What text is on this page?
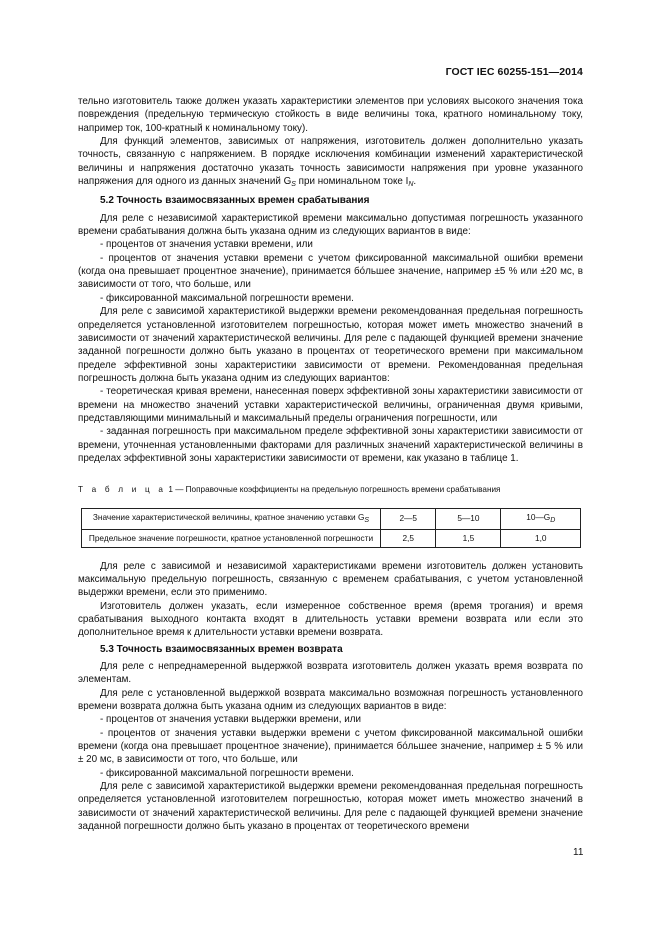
ГОСТ IEC 60255-151—2014

тельно изготовитель также должен указать характеристики элементов при условиях высокого значения тока повреждения (предельную термическую стойкость в виде величины тока, кратного номинальному току, например ток, 100-кратный к номинальному току).

Для функций элементов, зависимых от напряжения, изготовитель должен дополнительно указать точность, связанную с напряжением. В порядке исключения комбинации изменений характеристической величины и напряжения достаточно указать точность зависимости напряжения при уровне указанного напряжения для одного из данных значений $G_S$ при номинальном токе $I_N$.

5.2 Точность взаимосвязанных времен срабатывания

Для реле с независимой характеристикой времени максимально допустимая погрешность указанного времени срабатывания должна быть указана одним из следующих вариантов в виде:

- процентов от значения уставки времени, или

- процентов от значения уставки времени с учетом фиксированной максимальной ошибки времени (когда она превышает процентное значение), принимается бóльшее значение, например ±5 % или ±20 мс, в зависимости от того, что больше, или

- фиксированной максимальной погрешности времени.

Для реле с зависимой характеристикой выдержки времени рекомендованная предельная погрешность определяется установленной изготовителем погрешностью, которая может иметь множество значений в зависимости от значений характеристической величины. Для реле с падающей функцией времени значение заданной погрешности должно быть указано в процентах от теоретического времени при максимальном пределе эффективной зоны характеристики зависимости от времени. Рекомендованная предельная погрешность должна быть указана одним из следующих вариантов:

- теоретическая кривая времени, нанесенная поверх эффективной зоны характеристики зависимости от времени на множество значений уставки характеристической величины, ограниченная двумя кривыми, представляющими минимальный и максимальный пределы ограничения погрешности, или

- заданная погрешность при максимальном пределе эффективной зоны характеристики зависимости от времени, уточненная установленными факторами для различных значений характеристической величины в пределах эффективной зоны характеристики зависимости от времени, как указано в таблице 1.

Т а б л и ц а 1 — Поправочные коэффициенты на предельную погрешность времени срабатывания
Значение характеристической величины, кратное значению уставки $G_S$	2—5	5—10	$10—G_D$
Предельное значение погрешности, кратное установленной погрешности	2,5	1,5	1,0

Для реле с зависимой и независимой характеристиками времени изготовитель должен установить максимальную предельную погрешность, связанную с временем срабатывания, с учетом установленной выдержки времени, если это применимо.

Изготовитель должен указать, если измеренное собственное время (время трогания) и время срабатывания выходного контакта входят в длительность уставки времени возврата или если это дополнительное время к длительности уставки времени возврата.

5.3 Точность взаимосвязанных времен возврата

Для реле с непреднамеренной выдержкой возврата изготовитель должен указать время возврата по элементам.

Для реле с установленной выдержкой возврата максимально возможная погрешность установленного времени возврата должна быть указана одним из следующих вариантов в виде:

- процентов от значения уставки выдержки времени, или

- процентов от значения уставки выдержки времени с учетом фиксированной максимальной ошибки времени (когда она превышает процентное значение), принимается бóльшее значение, например ± 5 % или ± 20 мс, в зависимости от того, что больше, или

- фиксированной максимальной погрешности времени.

Для реле с зависимой характеристикой выдержки времени рекомендованная предельная погрешность определяется установленной изготовителем погрешностью, которая может иметь множество значений в зависимости от значений характеристической величины. Для реле с падающей функцией времени значение заданной погрешности должно быть указано в процентах от теоретического времени

11
